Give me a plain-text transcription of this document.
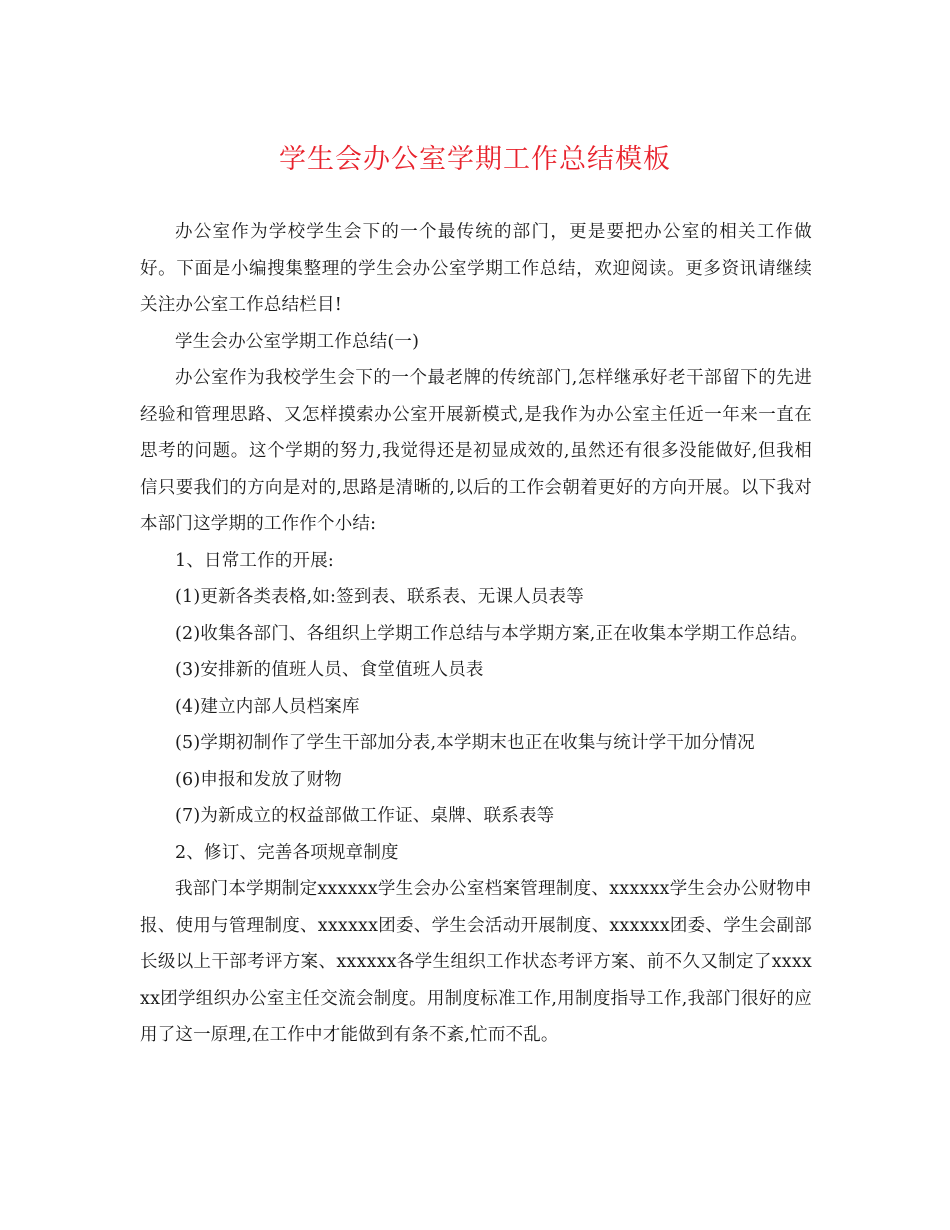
学生会办公室学期工作总结模板

办公室作为学校学生会下的一个最传统的部门，更是要把办公室的相关工作做好。下面是小编搜集整理的学生会办公室学期工作总结，欢迎阅读。更多资讯请继续关注办公室工作总结栏目!

学生会办公室学期工作总结(一)

办公室作为我校学生会下的一个最老牌的传统部门,怎样继承好老干部留下的先进经验和管理思路、又怎样摸索办公室开展新模式,是我作为办公室主任近一年来一直在思考的问题。这个学期的努力,我觉得还是初显成效的,虽然还有很多没能做好,但我相信只要我们的方向是对的,思路是清晰的,以后的工作会朝着更好的方向开展。以下我对本部门这学期的工作作个小结:

1、日常工作的开展:

(1)更新各类表格,如:签到表、联系表、无课人员表等

(2)收集各部门、各组织上学期工作总结与本学期方案,正在收集本学期工作总结。

(3)安排新的值班人员、食堂值班人员表

(4)建立内部人员档案库

(5)学期初制作了学生干部加分表,本学期末也正在收集与统计学干加分情况

(6)申报和发放了财物

(7)为新成立的权益部做工作证、桌牌、联系表等

2、修订、完善各项规章制度

我部门本学期制定xxxxxx学生会办公室档案管理制度、xxxxxx学生会办公财物申报、使用与管理制度、xxxxxx团委、学生会活动开展制度、xxxxxx团委、学生会副部长级以上干部考评方案、xxxxxx各学生组织工作状态考评方案、前不久又制定了xxxxxx团学组织办公室主任交流会制度。用制度标准工作,用制度指导工作,我部门很好的应用了这一原理,在工作中才能做到有条不紊,忙而不乱。
